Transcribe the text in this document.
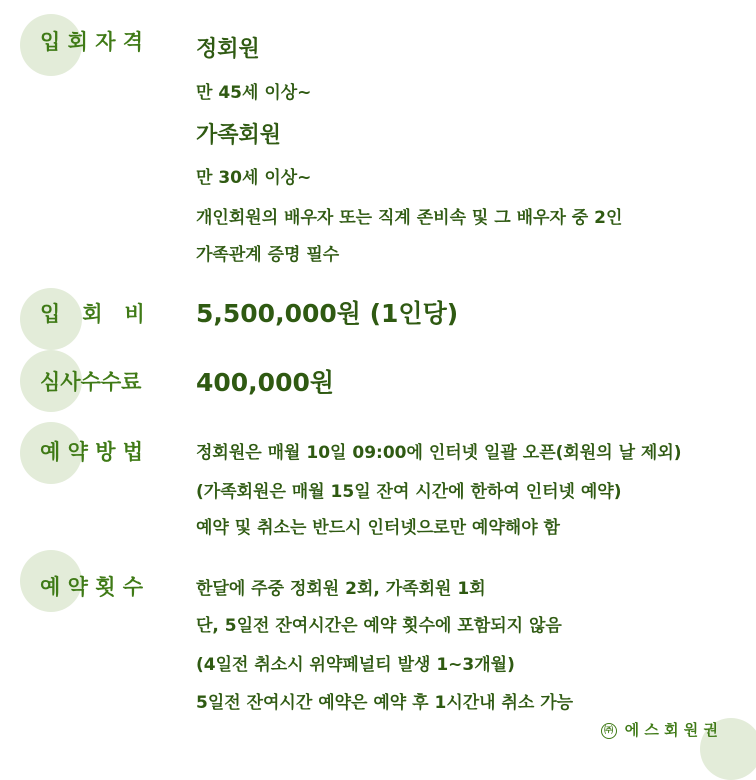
입 회 자 격 정회원
만 45세 이상~
가족회원
만 30세 이상~
개인회원의 배우자 또는 직계 존비속 및 그 배우자 중 2인
가족관계 증명 필수
입   회   비 5,500,000원 (1인당)
심사수수료 400,000원
예 약 방 법	정회원은 매월 10일 09:00에 인터넷 일괄 오픈(회원의 날 제외)
(가족회원은 매월 15일 잔여 시간에 한하여 인터넷 예약)
예약 및 취소는 반드시 인터넷으로만 예약해야 함
예 약 횟 수	한달에 주중 정회원 2회, 가족회원 1회
단, 5일전 잔여시간은 예약 횟수에 포함되지 않음
(4일전 취소시 위약페널티 발생 1~3개월)
5일전 잔여시간 예약은 예약 후 1시간내 취소 가능
㈜ 에 스 회 원 권
